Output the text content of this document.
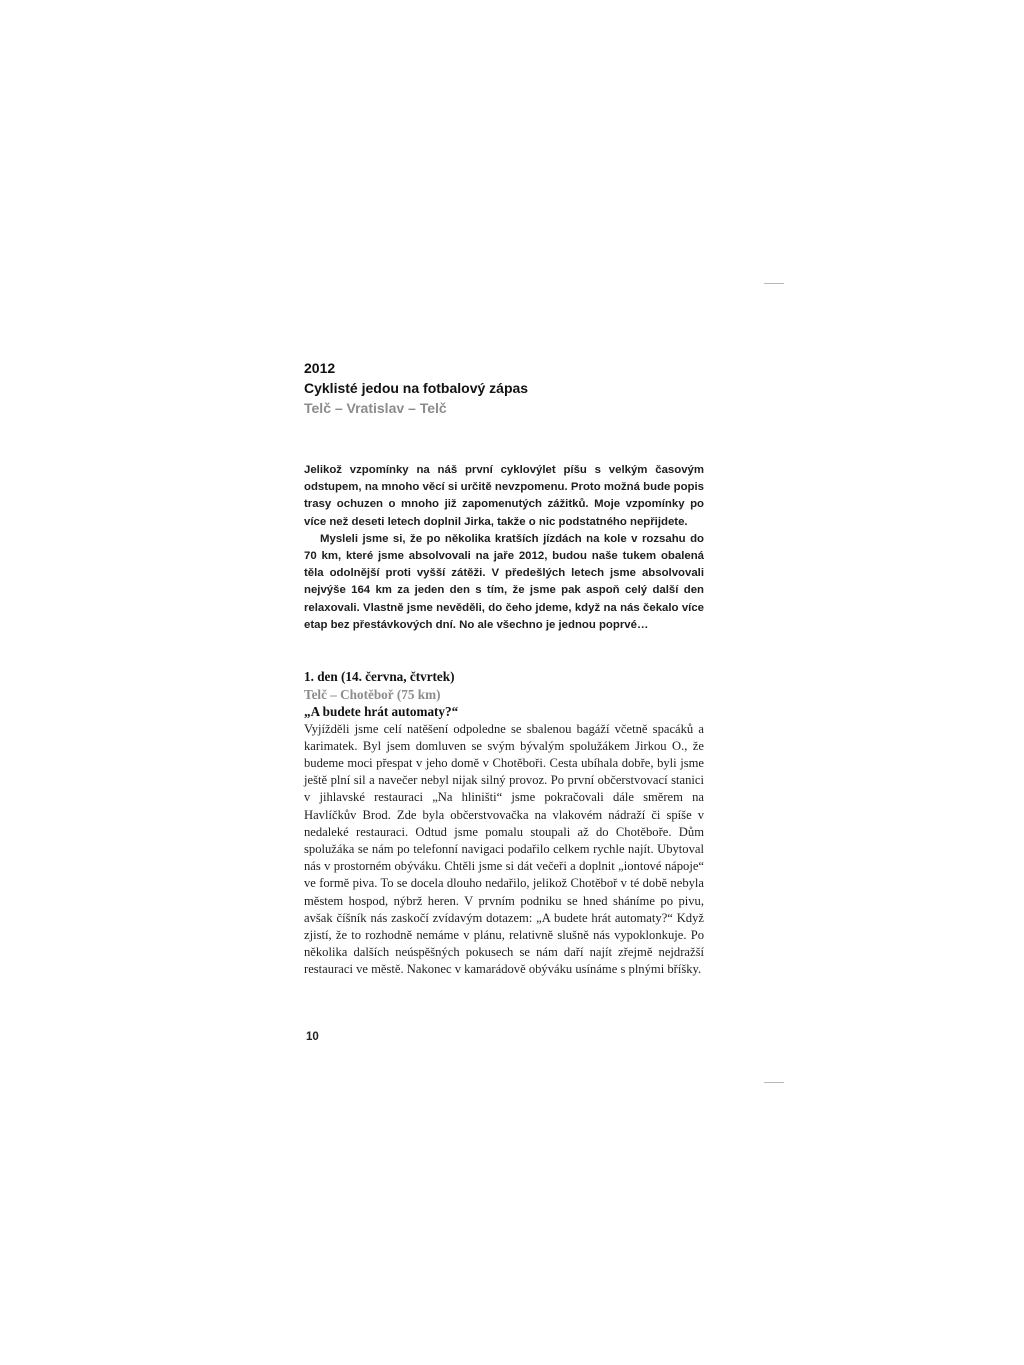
2012
Cyklisté jedou na fotbalový zápas
Telč – Vratislav – Telč

Jelikož vzpomínky na náš první cyklovýlet píšu s velkým časovým odstupem, na mnoho věcí si určitě nevzpomenu. Proto možná bude popis trasy ochuzen o mnoho již zapomenutých zážitků. Moje vzpomínky po více než deseti letech doplnil Jirka, takže o nic podstatného nepřijdete.

Mysleli jsme si, že po několika kratších jízdách na kole v rozsahu do 70 km, které jsme absolvovali na jaře 2012, budou naše tukem obalená těla odolnější proti vyšší zátěži. V předešlých letech jsme absolvovali nejvýše 164 km za jeden den s tím, že jsme pak aspoň celý další den relaxovali. Vlastně jsme nevěděli, do čeho jdeme, když na nás čekalo více etap bez přestávkových dní. No ale všechno je jednou poprvé…

1. den (14. června, čtvrtek)
Telč – Chotěboř (75 km)
„A budete hrát automaty?“

Vyjížděli jsme celí natěšení odpoledne se sbalenou bagáží včetně spacáků a karimatek. Byl jsem domluven se svým bývalým spolužákem Jirkou O., že budeme moci přespat v jeho domě v Chotěboři. Cesta ubíhala dobře, byli jsme ještě plní sil a navečer nebyl nijak silný provoz. Po první občerstvovací stanici v jihlavské restauraci „Na hliništi“ jsme pokračovali dále směrem na Havlíčkův Brod. Zde byla občerstvovačka na vlakovém nádraží či spíše v nedaleké restauraci. Odtud jsme pomalu stoupali až do Chotěboře. Dům spolužáka se nám po telefonní navigaci podařilo celkem rychle najít. Ubytoval nás v prostorném obýváku. Chtěli jsme si dát večeři a doplnit „iontové nápoje“ ve formě piva. To se docela dlouho nedařilo, jelikož Chotěboř v té době nebyla městem hospod, nýbrž heren. V prvním podniku se hned sháníme po pivu, avšak číšník nás zaskočí zvídavým dotazem: „A budete hrát automaty?“ Když zjistí, že to rozhodně nemáme v plánu, relativně slušně nás vypoklonkuje. Po několika dalších neúspěšných pokusech se nám daří najít zřejmě nejdražší restauraci ve městě. Nakonec v kamarádově obýváku usínáme s plnými bříšky.

10
